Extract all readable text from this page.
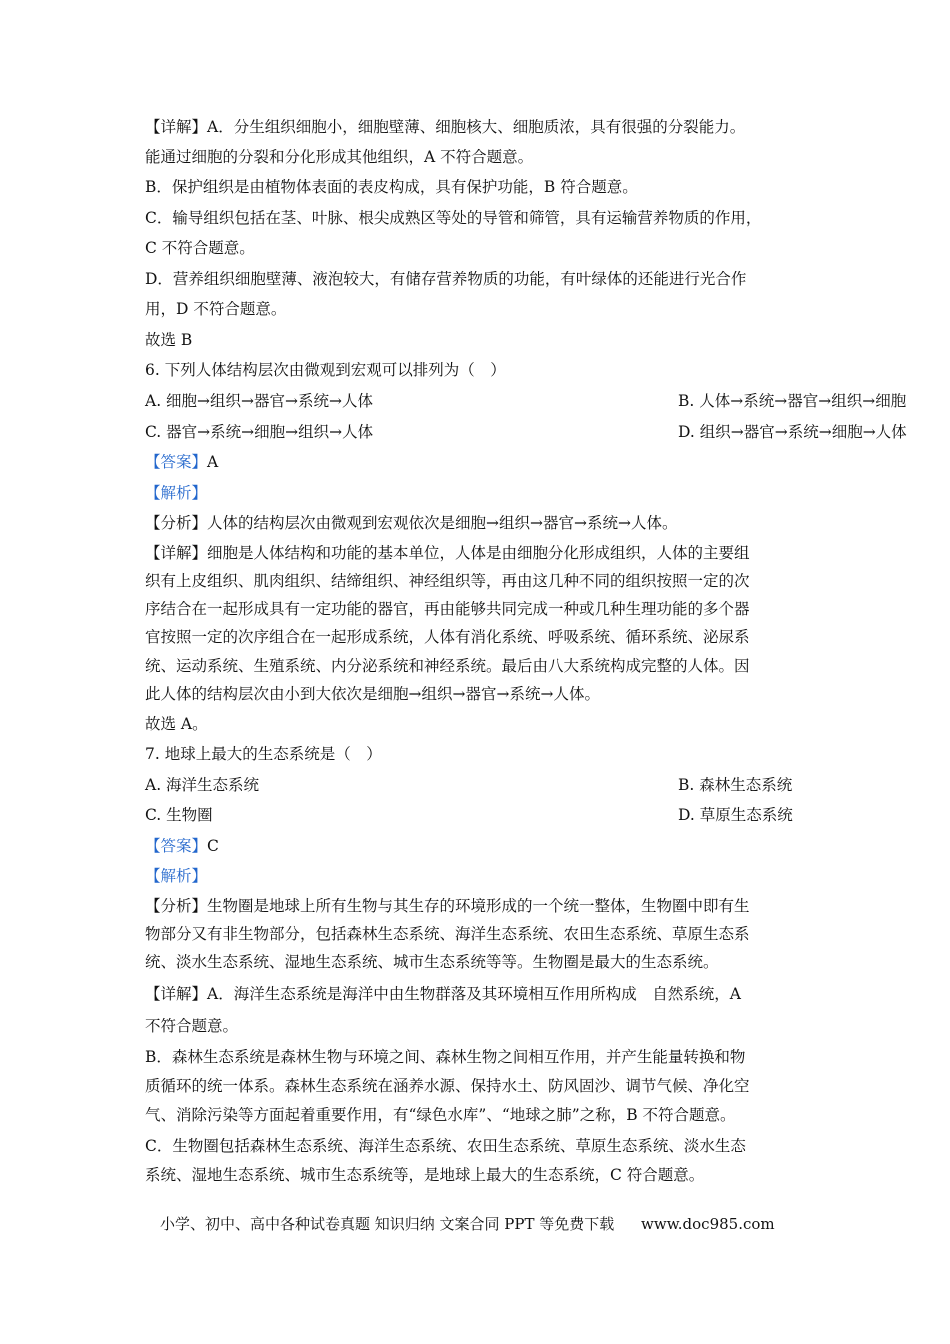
【详解】A．分生组织细胞小，细胞壁薄、细胞核大、细胞质浓，具有很强的分裂能力。
能通过细胞的分裂和分化形成其他组织，A 不符合题意。
B．保护组织是由植物体表面的表皮构成，具有保护功能，B 符合题意。
C．输导组织包括在茎、叶脉、根尖成熟区等处的导管和筛管，具有运输营养物质的作用，
C 不符合题意。
D．营养组织细胞壁薄、液泡较大，有储存营养物质的功能，有叶绿体的还能进行光合作
用，D 不符合题意。
故选 B
6. 下列人体结构层次由微观到宏观可以排列为（　）
A. 细胞→组织→器官→系统→人体	B. 人体→系统→器官→组织→细胞
C. 器官→系统→细胞→组织→人体	D. 组织→器官→系统→细胞→人体
【答案】A
【解析】
【分析】人体的结构层次由微观到宏观依次是细胞→组织→器官→系统→人体。
【详解】细胞是人体结构和功能的基本单位，人体是由细胞分化形成组织，人体的主要组
织有上皮组织、肌肉组织、结缔组织、神经组织等，再由这几种不同的组织按照一定的次
序结合在一起形成具有一定功能的器官，再由能够共同完成一种或几种生理功能的多个器
官按照一定的次序组合在一起形成系统，人体有消化系统、呼吸系统、循环系统、泌尿系
统、运动系统、生殖系统、内分泌系统和神经系统。最后由八大系统构成完整的人体。因
此人体的结构层次由小到大依次是细胞→组织→器官→系统→人体。
故选 A。
7. 地球上最大的生态系统是（　）
A. 海洋生态系统	B. 森林生态系统
C. 生物圈	D. 草原生态系统
【答案】C
【解析】
【分析】生物圈是地球上所有生物与其生存的环境形成的一个统一整体，生物圈中即有生
物部分又有非生物部分，包括森林生态系统、海洋生态系统、农田生态系统、草原生态系
统、淡水生态系统、湿地生态系统、城市生态系统等等。生物圈是最大的生态系统。
【详解】A．海洋生态系统是海洋中由生物群落及其环境相互作用所构成　自然系统，A
不符合题意。
B．森林生态系统是森林生物与环境之间、森林生物之间相互作用，并产生能量转换和物
质循环的统一体系。森林生态系统在涵养水源、保持水土、防风固沙、调节气候、净化空
气、消除污染等方面起着重要作用，有“绿色水库”、“地球之肺”之称，B 不符合题意。
C．生物圈包括森林生态系统、海洋生态系统、农田生态系统、草原生态系统、淡水生态
系统、湿地生态系统、城市生态系统等，是地球上最大的生态系统，C 符合题意。
小学、初中、高中各种试卷真题 知识归纳 文案合同 PPT 等免费下载 www.doc985.com
